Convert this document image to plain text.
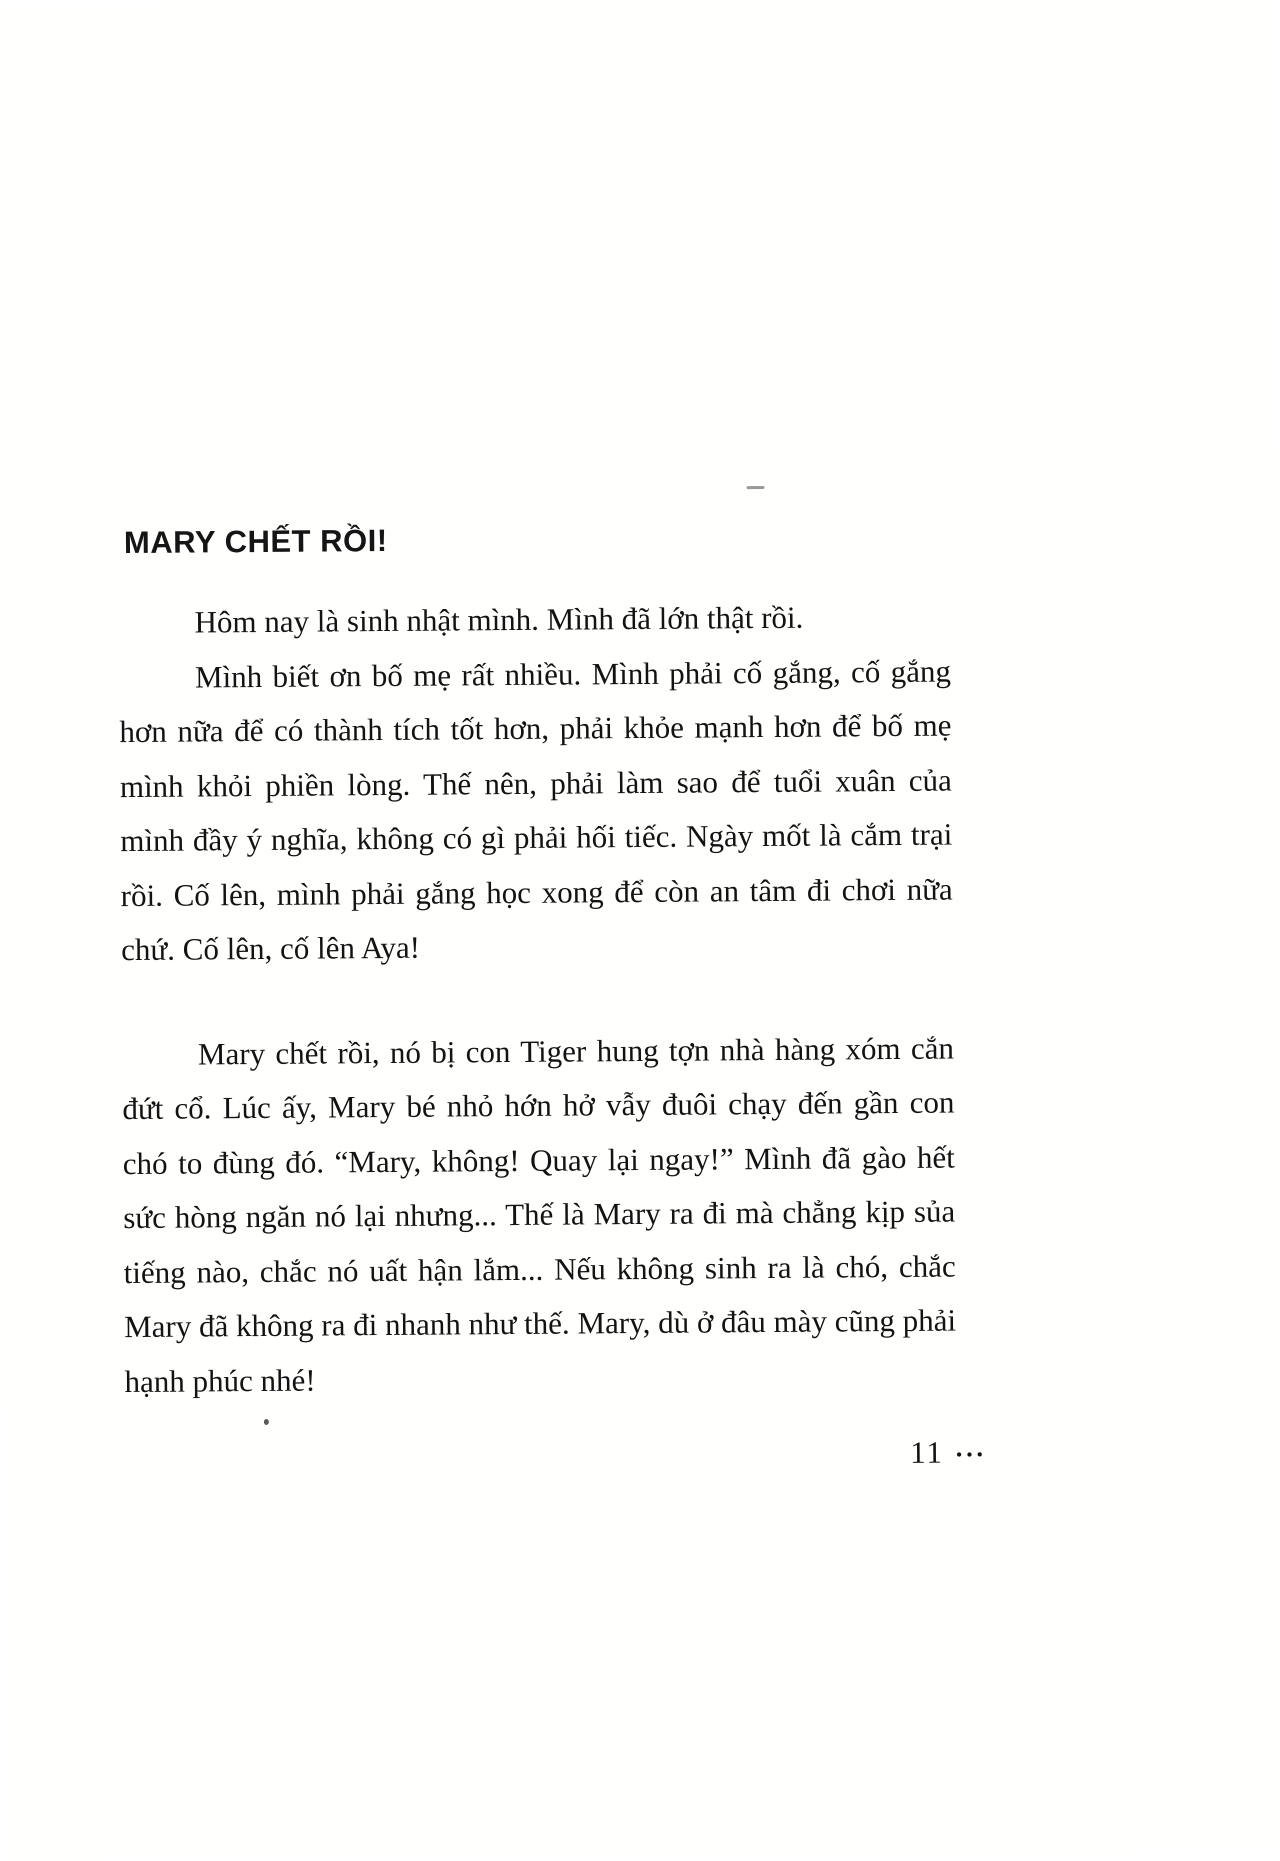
MARY CHẾT RỒI!

Hôm nay là sinh nhật mình. Mình đã lớn thật rồi.

Mình biết ơn bố mẹ rất nhiều. Mình phải cố gắng, cố gắng hơn nữa để có thành tích tốt hơn, phải khỏe mạnh hơn để bố mẹ mình khỏi phiền lòng. Thế nên, phải làm sao để tuổi xuân của mình đầy ý nghĩa, không có gì phải hối tiếc. Ngày mốt là cắm trại rồi. Cố lên, mình phải gắng học xong để còn an tâm đi chơi nữa chứ. Cố lên, cố lên Aya!

Mary chết rồi, nó bị con Tiger hung tợn nhà hàng xóm cắn đứt cổ. Lúc ấy, Mary bé nhỏ hớn hở vẫy đuôi chạy đến gần con chó to đùng đó. “Mary, không! Quay lại ngay!” Mình đã gào hết sức hòng ngăn nó lại nhưng... Thế là Mary ra đi mà chẳng kịp sủa tiếng nào, chắc nó uất hận lắm... Nếu không sinh ra là chó, chắc Mary đã không ra đi nhanh như thế. Mary, dù ở đâu mày cũng phải hạnh phúc nhé!

11 •••
